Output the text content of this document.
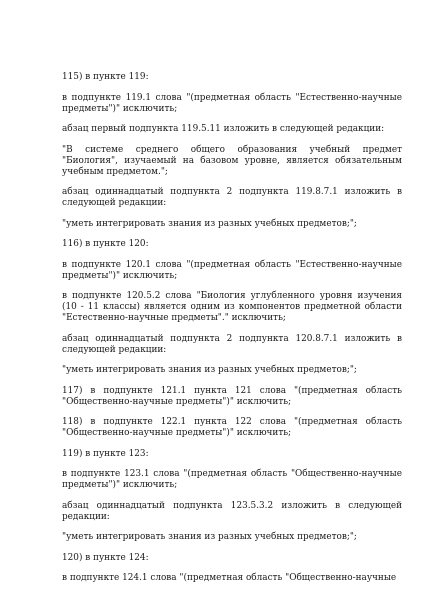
115) в пункте 119:

в подпункте 119.1 слова "(предметная область "Естественно-научные предметы")" исключить;

абзац первый подпункта 119.5.11 изложить в следующей редакции:

"В системе среднего общего образования учебный предмет "Биология", изучаемый на базовом уровне, является обязательным учебным предметом.";

абзац одиннадцатый подпункта 2 подпункта 119.8.7.1 изложить в следующей редакции:

"уметь интегрировать знания из разных учебных предметов;";

116) в пункте 120:

в подпункте 120.1 слова "(предметная область "Естественно-научные предметы")" исключить;

в подпункте 120.5.2 слова "Биология углубленного уровня изучения (10 - 11 классы) является одним из компонентов предметной области "Естественно-научные предметы"." исключить;

абзац одиннадцатый подпункта 2 подпункта 120.8.7.1 изложить в следующей редакции:

"уметь интегрировать знания из разных учебных предметов;";

117) в подпункте 121.1 пункта 121 слова "(предметная область "Общественно-научные предметы")" исключить;

118) в подпункте 122.1 пункта 122 слова "(предметная область "Общественно-научные предметы")" исключить;

119) в пункте 123:

в подпункте 123.1 слова "(предметная область "Общественно-научные предметы")" исключить;

абзац одиннадцатый подпункта 123.5.3.2 изложить в следующей редакции:

"уметь интегрировать знания из разных учебных предметов;";

120) в пункте 124:

в подпункте 124.1 слова "(предметная область "Общественно-научные
